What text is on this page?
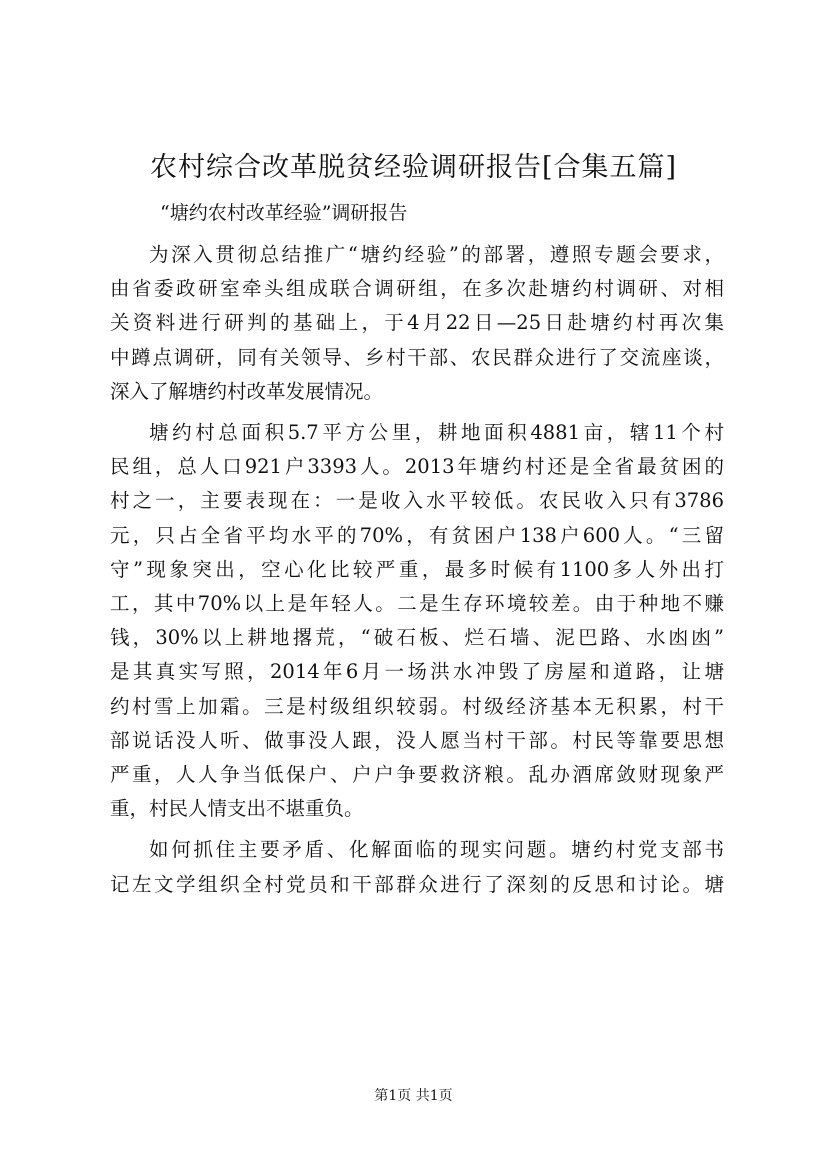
农村综合改革脱贫经验调研报告[合集五篇]
“塘约农村改革经验”调研报告
为深入贯彻总结推广“塘约经验”的部署，遵照专题会要求，
由省委政研室牵头组成联合调研组，在多次赴塘约村调研、对相
关资料进行研判的基础上，于4月22日—25日赴塘约村再次集
中蹲点调研，同有关领导、乡村干部、农民群众进行了交流座谈，
深入了解塘约村改革发展情况。
塘约村总面积5.7平方公里，耕地面积4881亩，辖11个村
民组，总人口921户3393人。2013年塘约村还是全省最贫困的
村之一，主要表现在：一是收入水平较低。农民收入只有3786
元，只占全省平均水平的70%，有贫困户138户600人。“三留
守”现象突出，空心化比较严重，最多时候有1100多人外出打
工，其中70%以上是年轻人。二是生存环境较差。由于种地不赚
钱，30%以上耕地撂荒，“破石板、烂石墙、泥巴路、水凼凼”
是其真实写照，2014年6月一场洪水冲毁了房屋和道路，让塘
约村雪上加霜。三是村级组织较弱。村级经济基本无积累，村干
部说话没人听、做事没人跟，没人愿当村干部。村民等靠要思想
严重，人人争当低保户、户户争要救济粮。乱办酒席敛财现象严
重，村民人情支出不堪重负。
如何抓住主要矛盾、化解面临的现实问题。塘约村党支部书
记左文学组织全村党员和干部群众进行了深刻的反思和讨论。塘
第1页 共1页
